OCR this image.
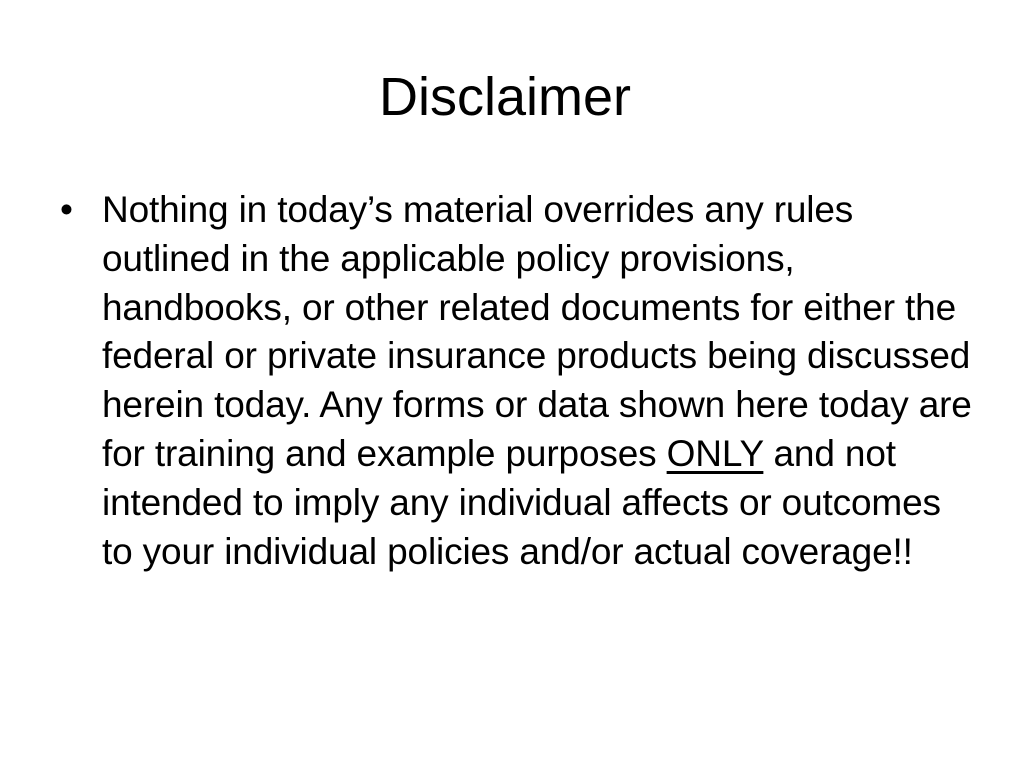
Disclaimer
• Nothing in today’s material overrides any rules outlined in the applicable policy provisions, handbooks, or other related documents for either the federal or private insurance products being discussed herein today. Any forms or data shown here today are for training and example purposes ONLY and not intended to imply any individual affects or outcomes to your individual policies and/or actual coverage!!
